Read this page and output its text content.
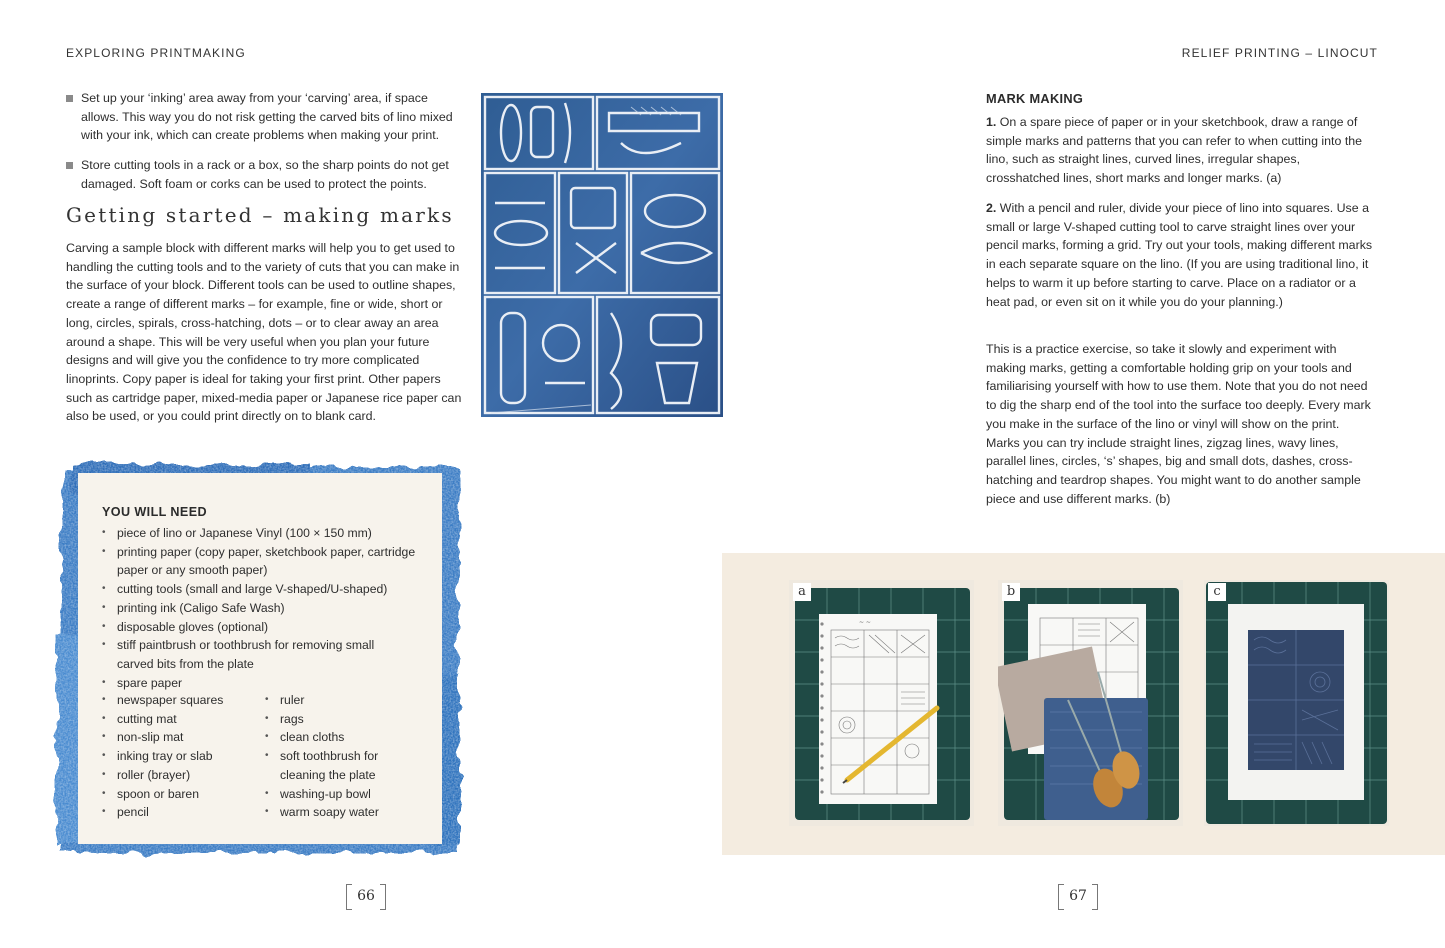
EXPLORING PRINTMAKING
Set up your ‘inking’ area away from your ‘carving’ area, if space allows. This way you do not risk getting the carved bits of lino mixed with your ink, which can create problems when making your print.
Store cutting tools in a rack or a box, so the sharp points do not get damaged. Soft foam or corks can be used to protect the points.
Getting started – making marks

Carving a sample block with different marks will help you to get used to handling the cutting tools and to the variety of cuts that you can make in the surface of your block. Different tools can be used to outline shapes, create a range of different marks – for example, fine or wide, short or long, circles, spirals, cross-hatching, dots – or to clear away an area around a shape. This will be very useful when you plan your future designs and will give you the confidence to try more complicated linoprints. Copy paper is ideal for taking your first print. Other papers such as cartridge paper, mixed-media paper or Japanese rice paper can also be used, or you could print directly on to blank card.

YOU WILL NEED
• piece of lino or Japanese Vinyl (100 × 150 mm)
• printing paper (copy paper, sketchbook paper, cartridge paper or any smooth paper)
• cutting tools (small and large V-shaped/U-shaped)
• printing ink (Caligo Safe Wash)
• disposable gloves (optional)
• stiff paintbrush or toothbrush for removing small carved bits from the plate
• spare paper
• newspaper squares
• cutting mat
• non-slip mat
• inking tray or slab
• roller (brayer)
• spoon or baren
• pencil
• ruler
• rags
• clean cloths
• soft toothbrush for cleaning the plate
• washing-up bowl
• warm soapy water
66
RELIEF PRINTING – LINOCUT
MARK MAKING

1. On a spare piece of paper or in your sketchbook, draw a range of simple marks and patterns that you can refer to when cutting into the lino, such as straight lines, curved lines, irregular shapes, crosshatched lines, short marks and longer marks. (a)

2. With a pencil and ruler, divide your piece of lino into squares. Use a small or large V-shaped cutting tool to carve straight lines over your pencil marks, forming a grid. Try out your tools, making different marks in each separate square on the lino. (If you are using traditional lino, it helps to warm it up before starting to carve. Place on a radiator or a heat pad, or even sit on it while you do your planning.)

This is a practice exercise, so take it slowly and experiment with making marks, getting a comfortable holding grip on your tools and familiarising yourself with how to use them. Note that you do not need to dig the sharp end of the tool into the surface too deeply. Every mark you make in the surface of the lino or vinyl will show on the print. Marks you can try include straight lines, zigzag lines, wavy lines, parallel lines, circles, ‘s’ shapes, big and small dots, dashes, cross-hatching and teardrop shapes. You might want to do another sample piece and use different marks. (b)

~ ~
a	b	c
67
